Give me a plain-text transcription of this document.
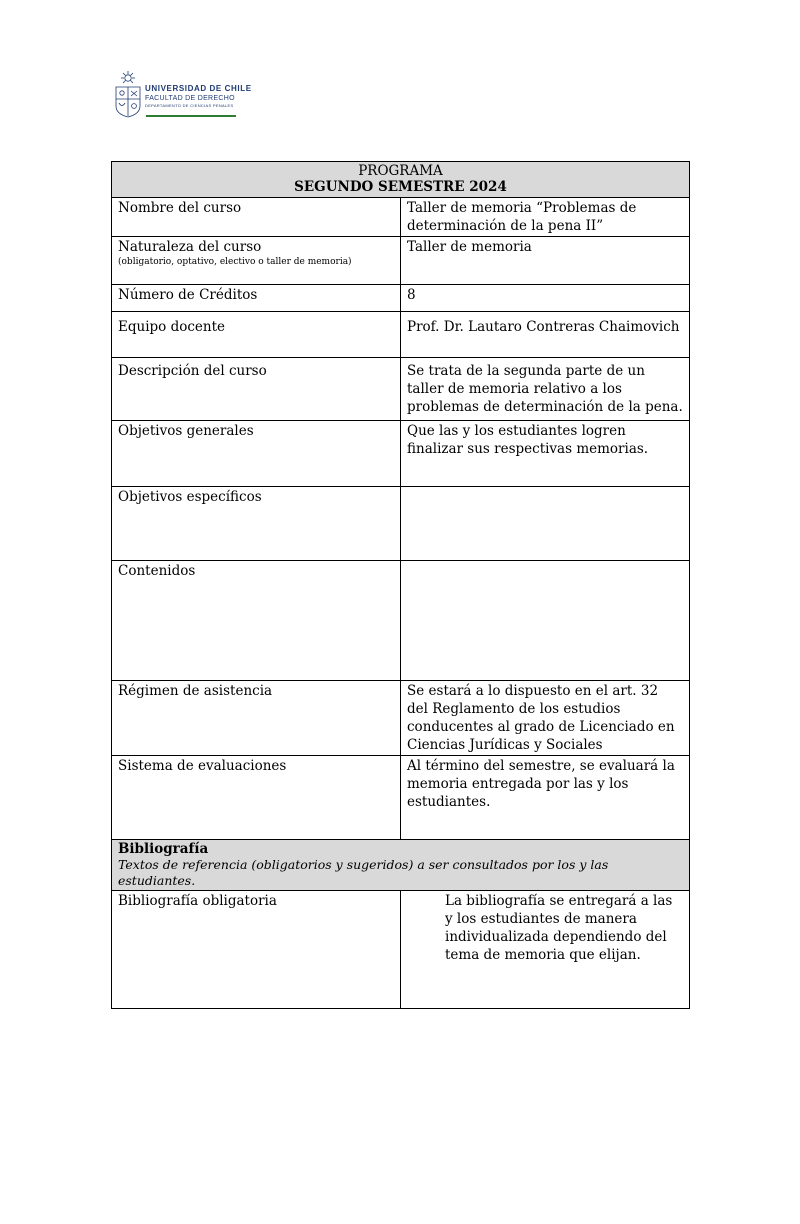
UNIVERSIDAD DE CHILE
FACULTAD DE DERECHO
DEPARTAMENTO DE CIENCIAS PENALES
PROGRAMA
SEGUNDO SEMESTRE 2024	

Nombre del curso	Taller de memoria “Problemas de determinación de la pena II”
Naturaleza del curso
(obligatorio, optativo, electivo o taller de memoria)	Taller de memoria
Número de Créditos	8
Equipo docente	Prof. Dr. Lautaro Contreras Chaimovich
Descripción del curso	Se trata de la segunda parte de un taller de memoria relativo a los problemas de determinación de la pena.
Objetivos generales	Que las y los estudiantes logren finalizar sus respectivas memorias.
Objetivos específicos	
Contenidos	
Régimen de asistencia	Se estará a lo dispuesto en el art. 32 del Reglamento de los estudios conducentes al grado de Licenciado en Ciencias Jurídicas y Sociales
Sistema de evaluaciones	Al término del semestre, se evaluará la memoria entregada por las y los estudiantes.

Bibliografía
Textos de referencia (obligatorios y sugeridos) a ser consultados por los y las estudiantes.	

Bibliografía obligatoria	La bibliografía se entregará a las y los estudiantes de manera individualizada dependiendo del tema de memoria que elijan.
